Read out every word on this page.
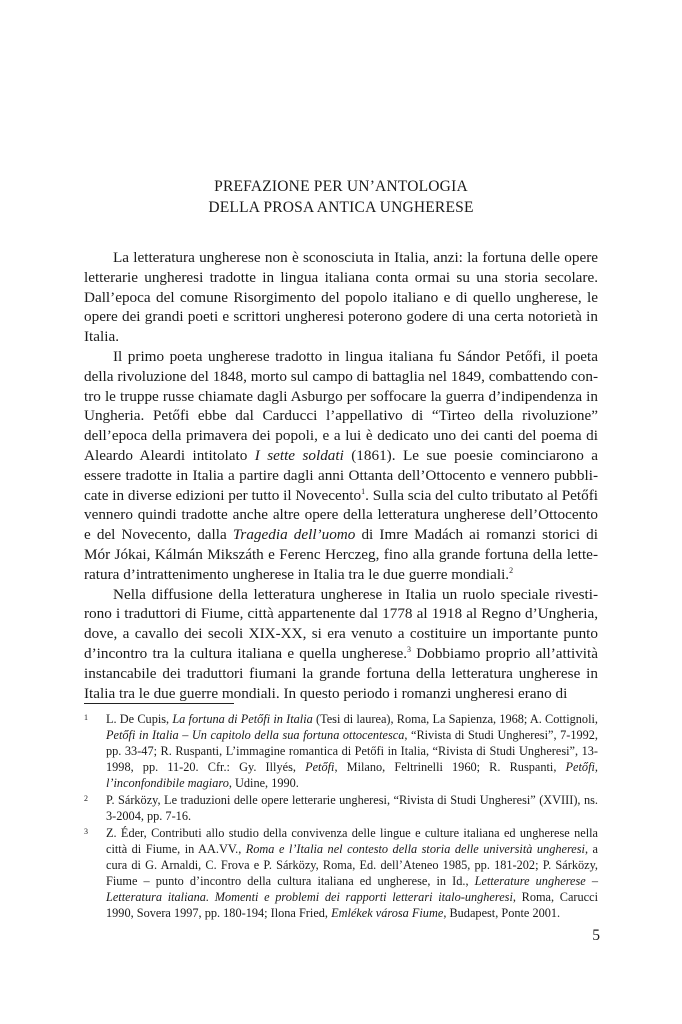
PREFAZIONE PER UN’ANTOLOGIA
DELLA PROSA ANTICA UNGHERESE

La letteratura ungherese non è sconosciuta in Italia, anzi: la fortuna delle opere letterarie ungheresi tradotte in lingua italiana conta ormai su una storia secolare. Dall’epoca del comune Risorgimento del popolo italiano e di quello ungherese, le opere dei grandi poeti e scrittori ungheresi poterono godere di una certa notorietà in Italia.

Il primo poeta ungherese tradotto in lingua italiana fu Sándor Petőfi, il poeta della rivoluzione del 1848, morto sul campo di battaglia nel 1849, combattendo contro le truppe russe chiamate dagli Asburgo per soffocare la guerra d’indipendenza in Ungheria. Petőfi ebbe dal Carducci l’appellativo di “Tirteo della rivoluzione” dell’epoca della primavera dei popoli, e a lui è dedicato uno dei canti del poema di Aleardo Aleardi intitolato I sette soldati (1861). Le sue poesie cominciarono a essere tradotte in Italia a partire dagli anni Ottanta dell’Ottocento e vennero pubblicate in diverse edizioni per tutto il Novecento$^1$. Sulla scia del culto tributato al Petőfi vennero quindi tradotte anche altre opere della letteratura ungherese dell’Ottocento e del Novecento, dalla Tragedia dell’uomo di Imre Madách ai romanzi storici di Mór Jókai, Kálmán Mikszáth e Ferenc Herczeg, fino alla grande fortuna della letteratura d’intrattenimento ungherese in Italia tra le due guerre mondiali.$^2$

Nella diffusione della letteratura ungherese in Italia un ruolo speciale rivestirono i traduttori di Fiume, città appartenente dal 1778 al 1918 al Regno d’Ungheria, dove, a cavallo dei secoli XIX-XX, si era venuto a costituire un importante punto d’incontro tra la cultura italiana e quella ungherese.$^3$ Dobbiamo proprio all’attività instancabile dei traduttori fiumani la grande fortuna della letteratura ungherese in Italia tra le due guerre mondiali. In questo periodo i romanzi ungheresi erano di

1	L. De Cupis, La fortuna di Petőfi in Italia (Tesi di laurea), Roma, La Sapienza, 1968; A. Cottignoli, Petőfi in Italia – Un capitolo della sua fortuna ottocentesca, “Rivista di Studi Ungheresi”, 7-1992, pp. 33-47; R. Ruspanti, L’immagine romantica di Petőfi in Italia, “Rivista di Studi Ungheresi”, 13-1998, pp. 11-20. Cfr.: Gy. Illyés, Petőfi, Milano, Feltrinelli 1960; R. Ruspanti, Petőfi, l’inconfondibile magiaro, Udine, 1990.
2	P. Sárközy, Le traduzioni delle opere letterarie ungheresi, “Rivista di Studi Ungheresi” (XVIII), ns. 3-2004, pp. 7-16.
3	Z. Éder, Contributi allo studio della convivenza delle lingue e culture italiana ed ungherese nella città di Fiume, in AA.VV., Roma e l’Italia nel contesto della storia delle università ungheresi, a cura di G. Arnaldi, C. Frova e P. Sárközy, Roma, Ed. dell’Ateneo 1985, pp. 181-202; P. Sárközy, Fiume – punto d’incontro della cultura italiana ed ungherese, in Id., Letterature ungherese – Letteratura italiana. Momenti e problemi dei rapporti letterari italo-ungheresi, Roma, Carucci 1990, Sovera 1997, pp. 180-194; Ilona Fried, Emlékek városa Fiume, Budapest, Ponte 2001.
5
